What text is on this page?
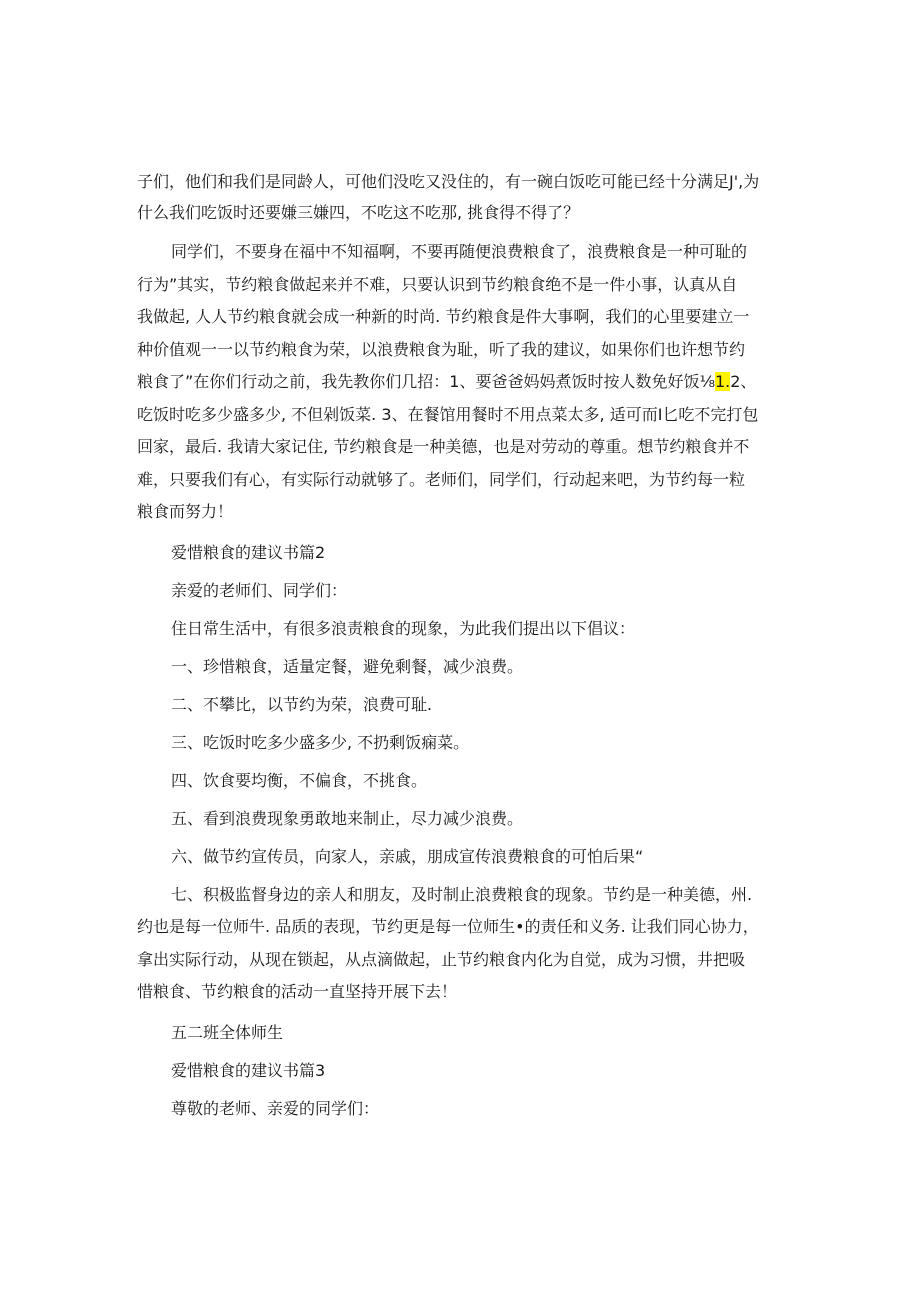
子们，他们和我们是同龄人，可他们没吃又没住的，有一碗白饭吃可能已经十分满足J',为
什么我们吃饭时还要嫌三嫌四，不吃这不吃那, 挑食得不得了？
同学们，不要身在福中不知福啊，不要再随便浪费粮食了，浪费粮食是一种可耻的
行为”其实，节约粮食做起来并不难，只要认识到节约粮食绝不是一件小事，认真从自
我做起, 人人节约粮食就会成一种新的时尚. 节约粮食是件大事啊，我们的心里要建立一
种价值观一一以节约粮食为荣，以浪费粮食为耻，听了我的建议，如果你们也许想节约
粮食了”在你们行动之前，我先教你们几招：1、要爸爸妈妈煮饭时按人数免好饭⅛1.2、
吃饭时吃多少盛多少, 不但剁饭菜. 3、在餐馆用餐时不用点菜太多, 适可而Ⅰ匕吃不完打包
回家，最后. 我请大家记住, 节约粮食是一种美德，也是对劳动的尊重。想节约粮食并不
难，只要我们有心，有实际行动就够了。老师们，同学们，行动起来吧，为节约每一粒
粮食而努力！
爱惜粮食的建议书篇2
亲爱的老师们、同学们：
住日常生活中，有很多浪责粮食的现象，为此我们提出以下倡议：
一、珍惜粮食，适量定餐，避免剩餐，减少浪费。
二、不攀比，以节约为荣，浪费可耻.
三、吃饭时吃多少盛多少, 不扔剩饭痫菜。
四、饮食要均衡，不偏食，不挑食。
五、看到浪费现象勇敢地来制止，尽力减少浪费。
六、做节约宣传员，向家人，亲戚，朋成宣传浪费粮食的可怕后果“
七、积极监督身边的亲人和朋友，及时制止浪费粮食的现象。节约是一种美德，州.
约也是每一位师牛. 品质的表现，节约更是每一位师生•的责任和义务. 让我们同心协力，
拿出实际行动，从现在锁起，从点滴做起，止节约粮食内化为自觉，成为习惯，井把吸
惜粮食、节约粮食的活动一直坚持开展下去！
五二班全体师生
爱惜粮食的建议书篇3
尊敬的老师、亲爱的同学们：
